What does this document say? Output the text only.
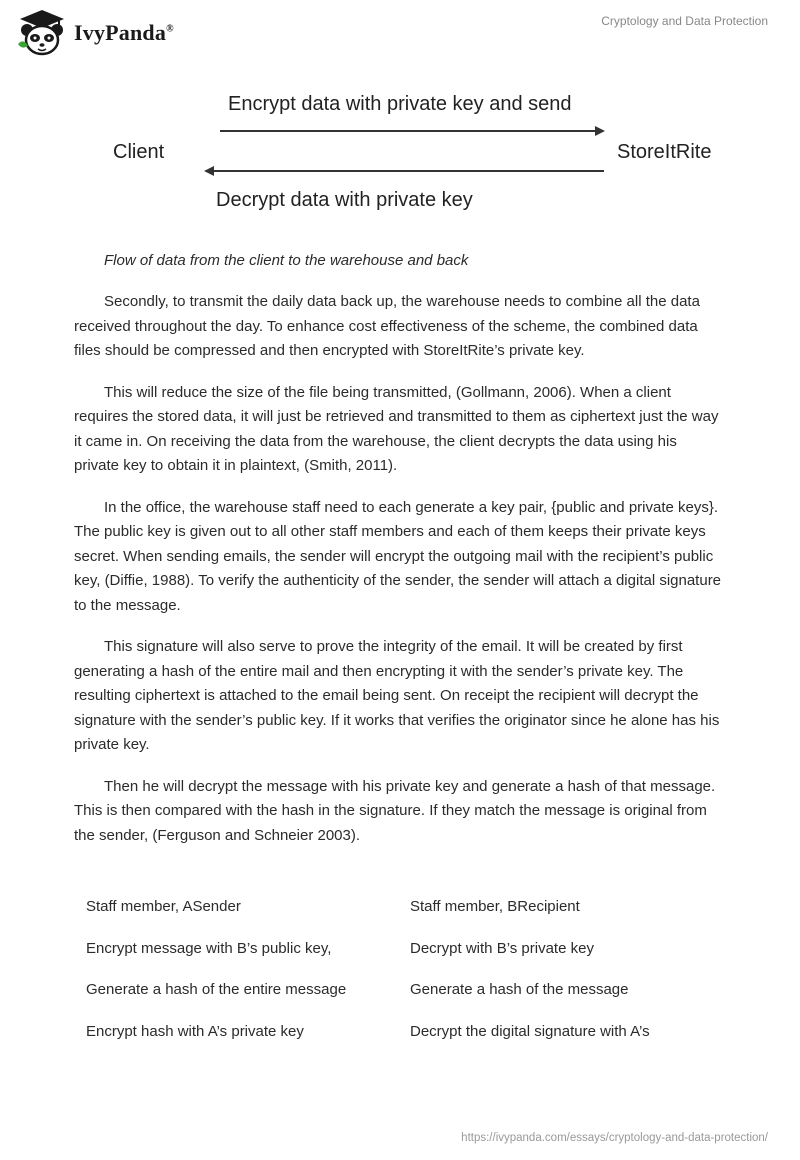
IvyPanda®
Cryptology and Data Protection
Encrypt data with private key and send
Client	StoreItRite
Decrypt data with private key
Flow of data from the client to the warehouse and back

Secondly, to transmit the daily data back up, the warehouse needs to combine all the data received throughout the day. To enhance cost effectiveness of the scheme, the combined data files should be compressed and then encrypted with StoreItRite’s private key.

This will reduce the size of the file being transmitted, (Gollmann, 2006). When a client requires the stored data, it will just be retrieved and transmitted to them as ciphertext just the way it came in. On receiving the data from the warehouse, the client decrypts the data using his private key to obtain it in plaintext, (Smith, 2011).

In the office, the warehouse staff need to each generate a key pair, {public and private keys}. The public key is given out to all other staff members and each of them keeps their private keys secret. When sending emails, the sender will encrypt the outgoing mail with the recipient’s public key, (Diffie, 1988). To verify the authenticity of the sender, the sender will attach a digital signature to the message.

This signature will also serve to prove the integrity of the email. It will be created by first generating a hash of the entire mail and then encrypting it with the sender’s private key. The resulting ciphertext is attached to the email being sent. On receipt the recipient will decrypt the signature with the sender’s public key. If it works that verifies the originator since he alone has his private key.

Then he will decrypt the message with his private key and generate a hash of that message. This is then compared with the hash in the signature. If they match the message is original from the sender, (Ferguson and Schneier 2003).

Staff member, ASender	Staff member, BRecipient
Encrypt message with B’s public key,	Decrypt with B’s private key
Generate a hash of the entire message	Generate a hash of the message
Encrypt hash with A’s private key	Decrypt the digital signature with A’s
https://ivypanda.com/essays/cryptology-and-data-protection/
